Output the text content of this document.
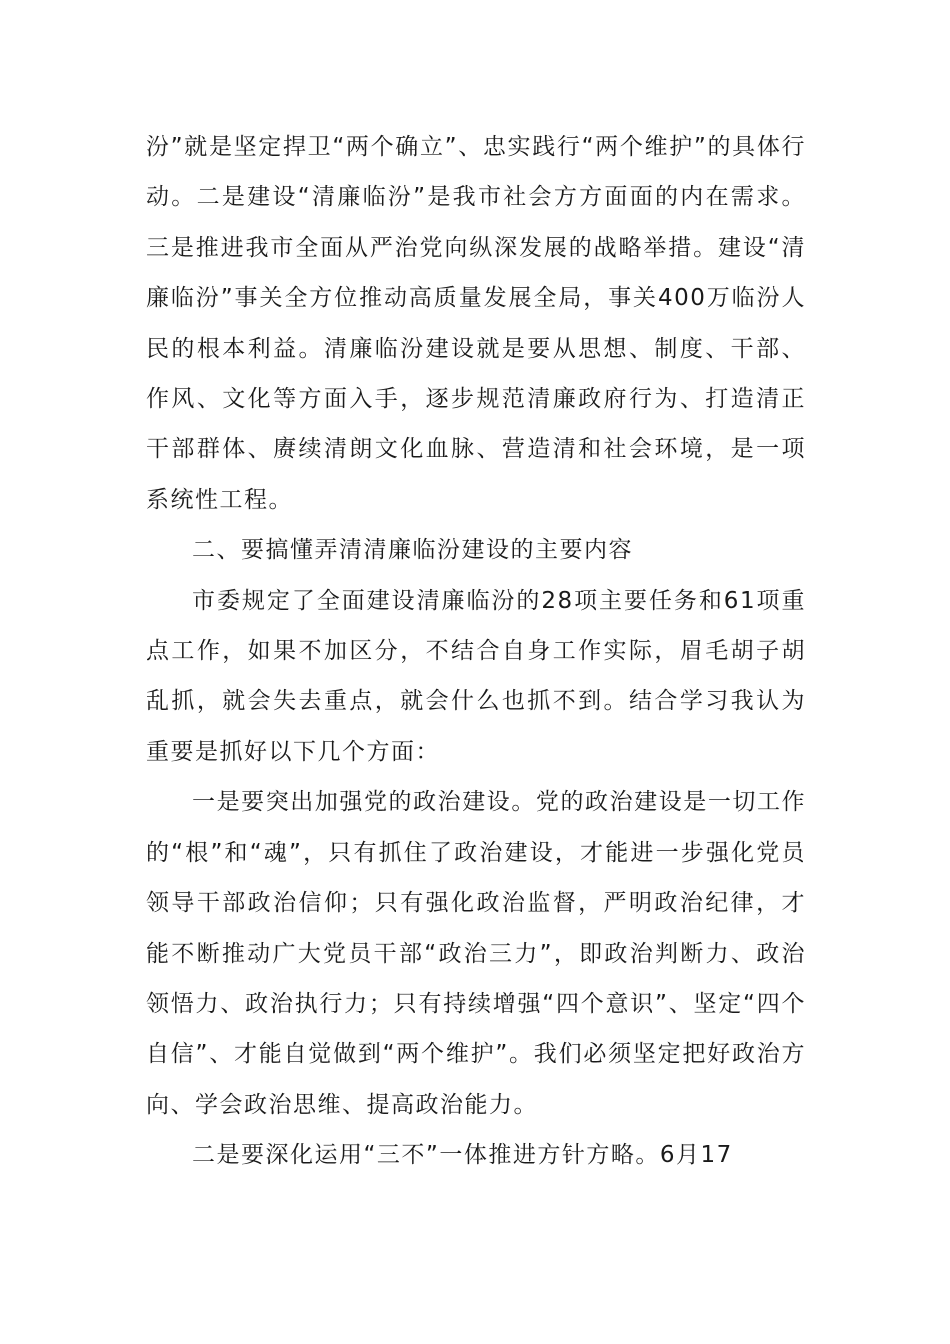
汾”就是坚定捍卫“两个确立”、忠实践行“两个维护”的具体行动。二是建设“清廉临汾”是我市社会方方面面的内在需求。三是推进我市全面从严治党向纵深发展的战略举措。建设“清廉临汾”事关全方位推动高质量发展全局，事关400万临汾人民的根本利益。清廉临汾建设就是要从思想、制度、干部、作风、文化等方面入手，逐步规范清廉政府行为、打造清正干部群体、赓续清朗文化血脉、营造清和社会环境，是一项系统性工程。

二、要搞懂弄清清廉临汾建设的主要内容

市委规定了全面建设清廉临汾的28项主要任务和61项重点工作，如果不加区分，不结合自身工作实际，眉毛胡子胡乱抓，就会失去重点，就会什么也抓不到。结合学习我认为重要是抓好以下几个方面：

一是要突出加强党的政治建设。党的政治建设是一切工作的“根”和“魂”，只有抓住了政治建设，才能进一步强化党员领导干部政治信仰；只有强化政治监督，严明政治纪律，才能不断推动广大党员干部“政治三力”，即政治判断力、政治领悟力、政治执行力；只有持续增强“四个意识”、坚定“四个自信”、才能自觉做到“两个维护”。我们必须坚定把好政治方向、学会政治思维、提高政治能力。

二是要深化运用“三不”一体推进方针方略。6月17
